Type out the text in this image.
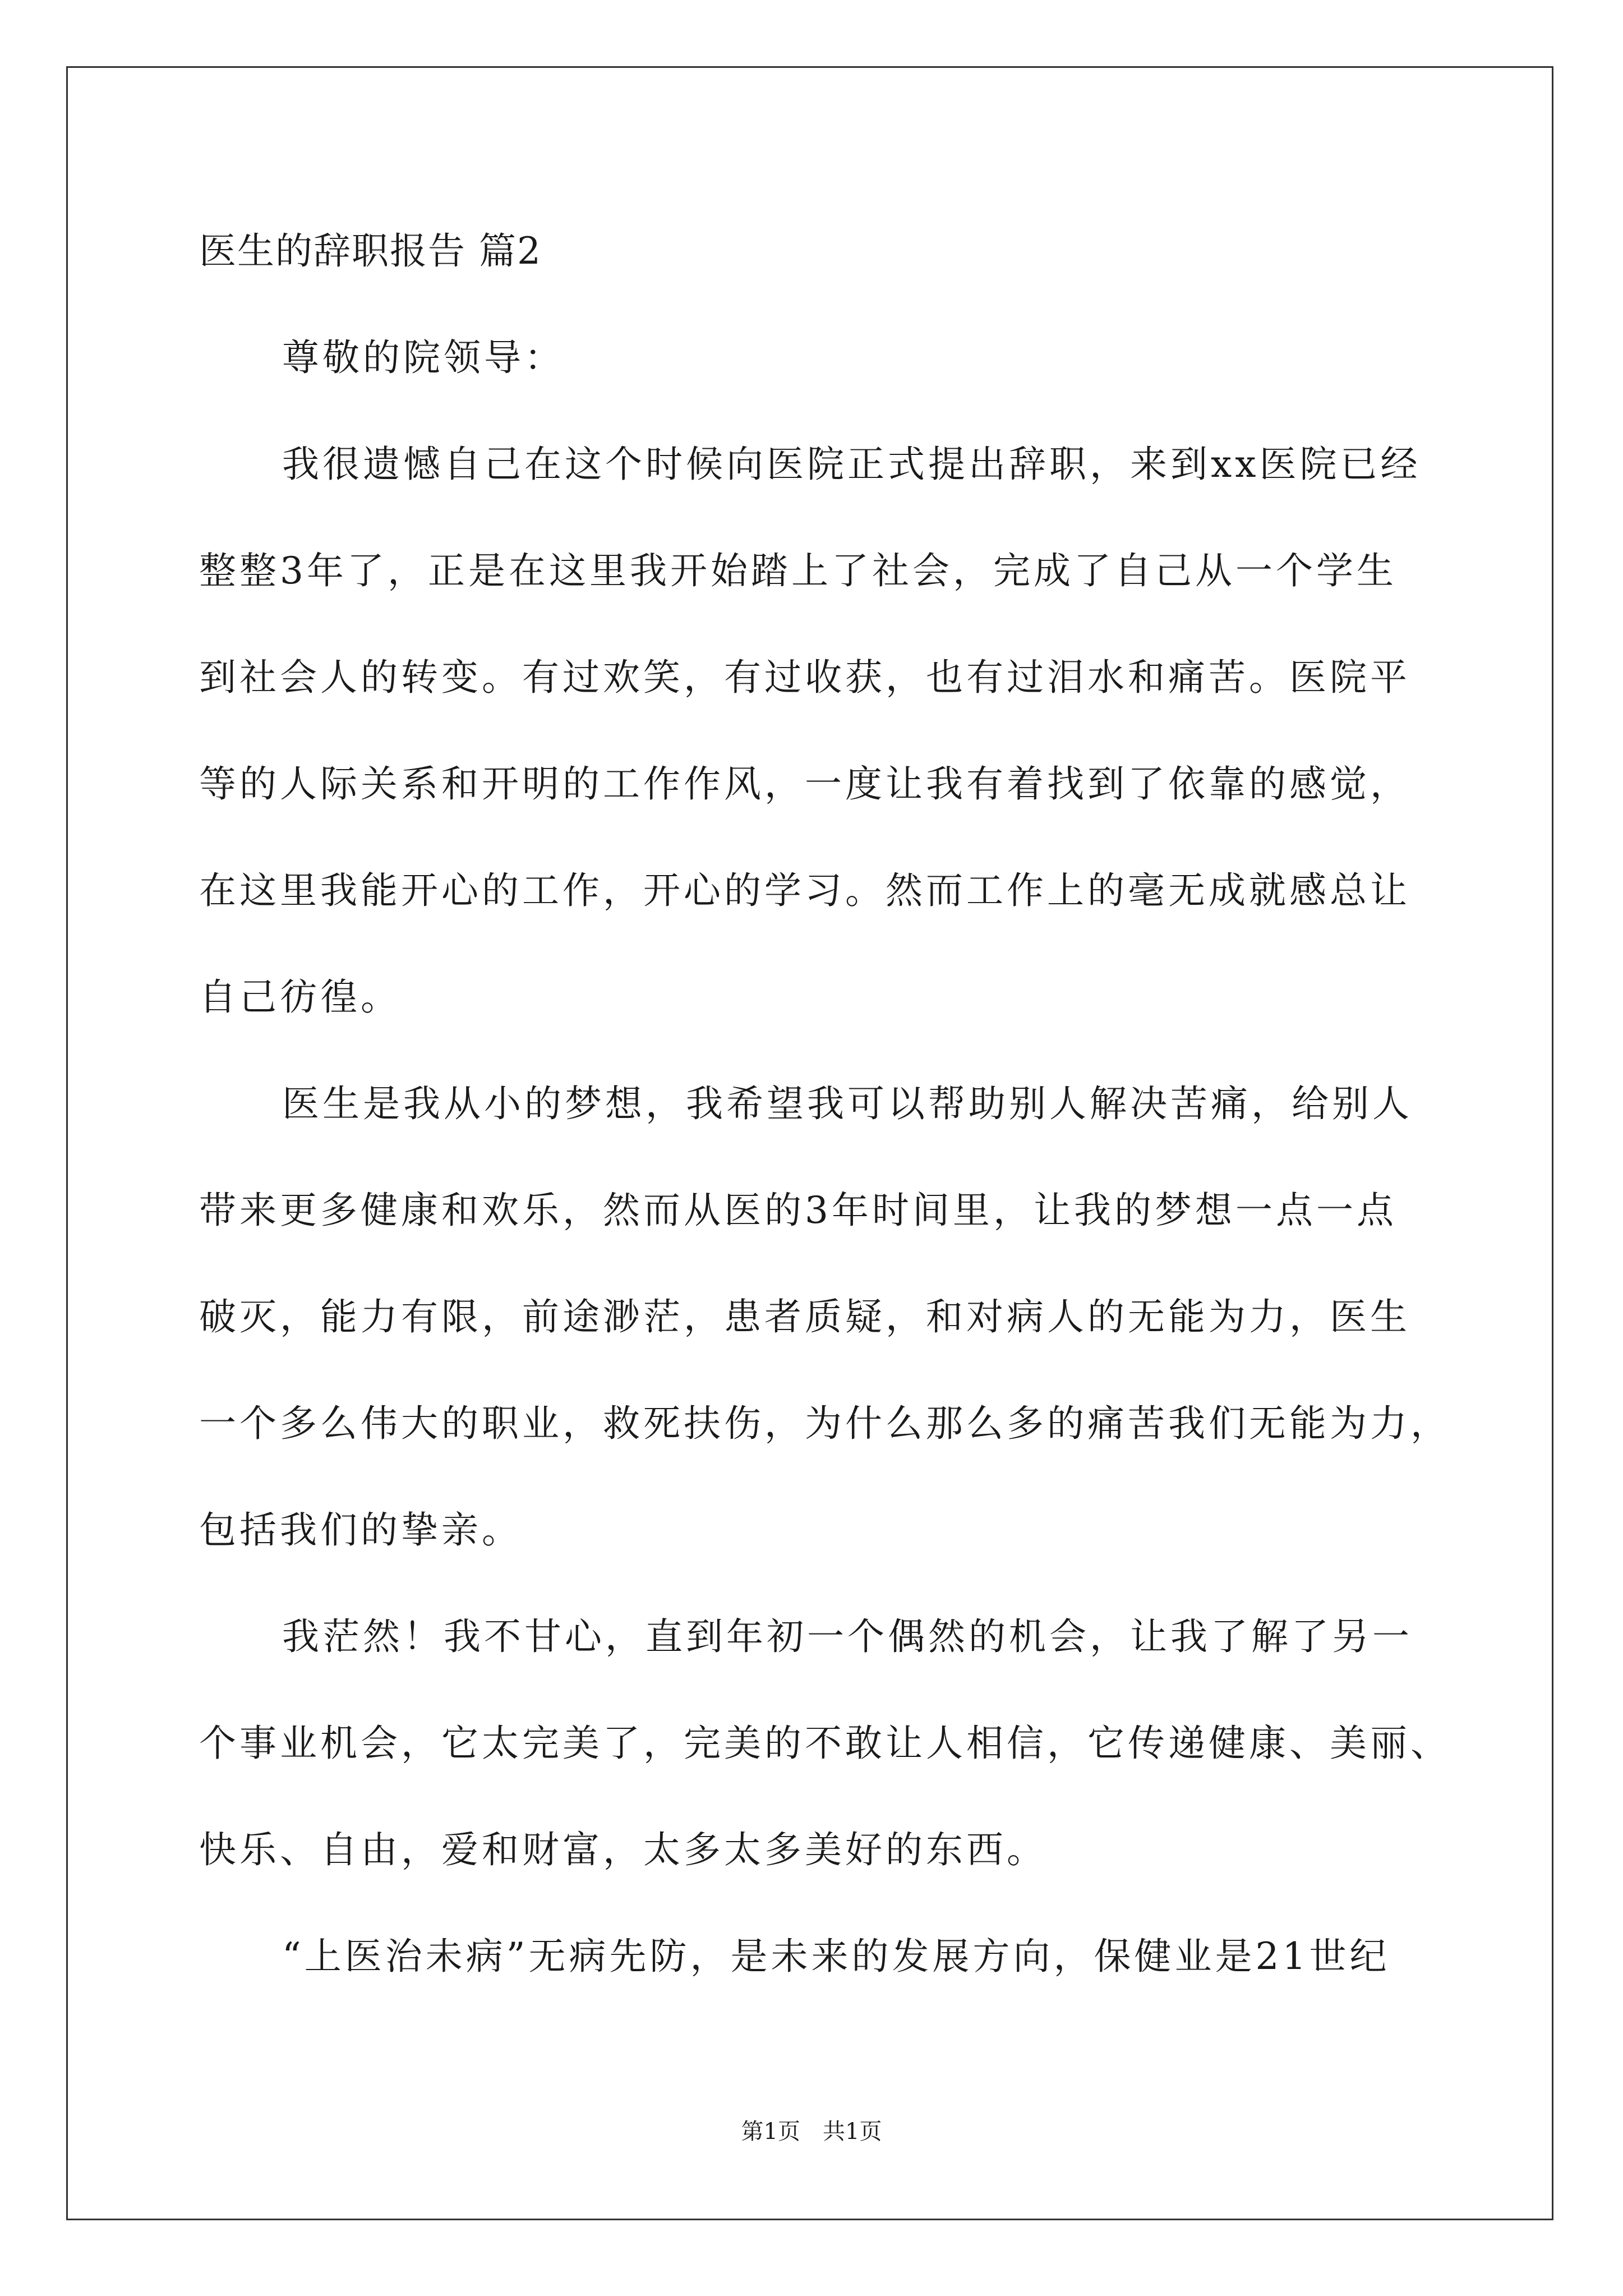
医生的辞职报告 篇2
尊敬的院领导：
我很遗憾自己在这个时候向医院正式提出辞职，来到xx医院已经
整整3年了，正是在这里我开始踏上了社会，完成了自己从一个学生
到社会人的转变。有过欢笑，有过收获，也有过泪水和痛苦。医院平
等的人际关系和开明的工作作风，一度让我有着找到了依靠的感觉，
在这里我能开心的工作，开心的学习。然而工作上的毫无成就感总让
自己彷徨。
医生是我从小的梦想，我希望我可以帮助别人解决苦痛，给别人
带来更多健康和欢乐，然而从医的3年时间里，让我的梦想一点一点
破灭，能力有限，前途渺茫，患者质疑，和对病人的无能为力，医生
一个多么伟大的职业，救死扶伤，为什么那么多的痛苦我们无能为力，
包括我们的挚亲。
我茫然！我不甘心，直到年初一个偶然的机会，让我了解了另一
个事业机会，它太完美了，完美的不敢让人相信，它传递健康、美丽、
快乐、自由，爱和财富，太多太多美好的东西。
“上医治未病”无病先防，是未来的发展方向，保健业是21世纪
第1页 共1页
